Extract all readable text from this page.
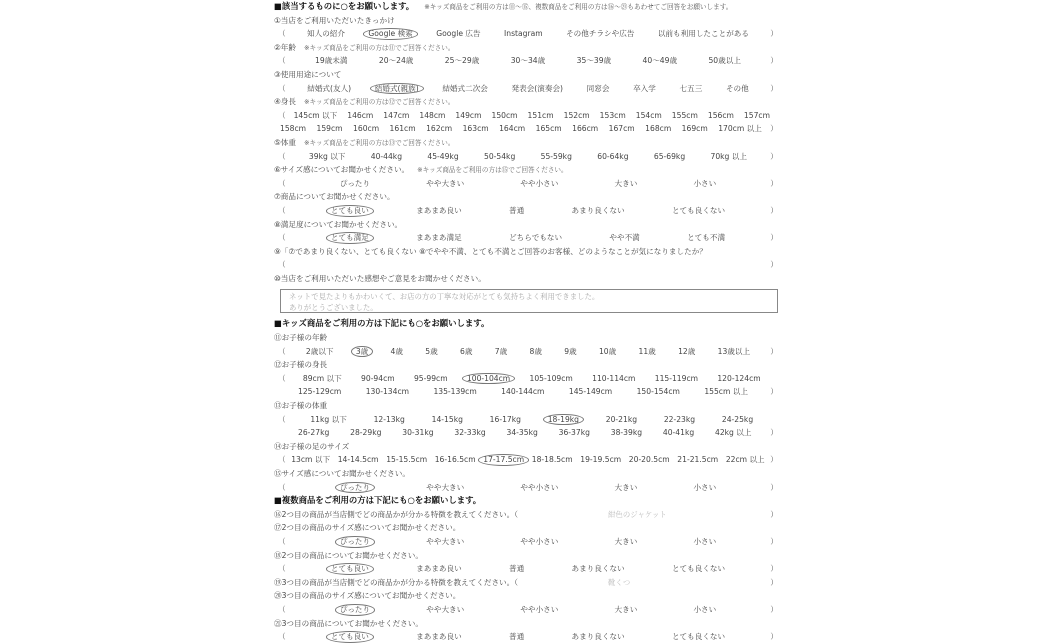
■該当するものに○をお願いします。 ※キッズ商品をご利用の方は⑪～⑮、複数商品をご利用の方は⑯～㉑もあわせてご回答をお願いします。
①当店をご利用いただいたきっかけ
（	知人の紹介	Google 検索	Google 広告	Instagram	その他チラシや広告	以前も利用したことがある	）
②年齢 ※キッズ商品をご利用の方は⑪でご回答ください。
（	19歳未満	20～24歳	25～29歳	30～34歳	35～39歳	40～49歳	50歳以上	）
③使用用途について
（	結婚式(友人)	結婚式(親族)	結婚式二次会	発表会(演奏会)	同窓会	卒入学	七五三	その他	）
④身長 ※キッズ商品をご利用の方は⑫でご回答ください。
（ 145cm 以下 146cm 147cm 148cm 149cm 150cm 151cm 152cm 153cm 154cm 155cm 156cm 157cm
158cm 159cm 160cm 161cm 162cm 163cm 164cm 165cm 166cm 167cm 168cm 169cm 170cm 以上 ）
⑤体重 ※キッズ商品をご利用の方は⑬でご回答ください。
（	39kg 以下	40-44kg	45-49kg	50-54kg	55-59kg	60-64kg	65-69kg	70kg 以上	）
⑥サイズ感についてお聞かせください。 ※キッズ商品をご利用の方は⑮でご回答ください。
（	ぴったり	やや大きい	やや小さい	大きい	小さい	）
⑦商品についてお聞かせください。
（	とても良い	まあまあ良い	普通	あまり良くない	とても良くない	）
⑧満足度についてお聞かせください。
（	とても満足	まあまあ満足	どちらでもない	やや不満	とても不満	）
⑨「⑦であまり良くない、とても良くない ⑧でやや不満、とても不満とご回答のお客様、どのようなことが気になりましたか？
（	）
⑩当店をご利用いただいた感想やご意見をお聞かせください。
ネットで見たよりもかわいくて、お店の方の丁寧な対応がとても気持ちよく利用できました。
ありがとうございました。
■キッズ商品をご利用の方は下記にも○をお願いします。
⑪お子様の年齢
（	2歳以下	3歳	4歳	5歳	6歳	7歳	8歳	9歳	10歳	11歳	12歳	13歳以上	）
⑫お子様の身長
（ 89cm 以下	90-94cm	95-99cm	100-104cm	105-109cm	110-114cm	115-119cm	120-124cm
125-129cm	130-134cm	135-139cm	140-144cm	145-149cm	150-154cm	155cm 以上	）
⑬お子様の体重
（	11kg 以下	12-13kg	14-15kg	16-17kg	18-19kg	20-21kg	22-23kg	24-25kg
26-27kg	28-29kg	30-31kg	32-33kg	34-35kg	36-37kg	38-39kg	40-41kg	42kg 以上 ）
⑭お子様の足のサイズ
（ 13cm 以下 14-14.5cm 15-15.5cm 16-16.5cm 17-17.5cm 18-18.5cm 19-19.5cm 20-20.5cm 21-21.5cm 22cm 以上 ）
⑮サイズ感についてお聞かせください。
（	ぴったり	やや大きい	やや小さい	大きい	小さい	）
■複数商品をご利用の方は下記にも○をお願いします。
⑯2つ目の商品が当店側でどの商品かが分かる特徴を教えてください。（	紺色のジャケット	）
⑰2つ目の商品のサイズ感についてお聞かせください。
（	ぴったり	やや大きい	やや小さい	大きい	小さい	）
⑱2つ目の商品についてお聞かせください。
（	とても良い	まあまあ良い	普通	あまり良くない	とても良くない	）
⑲3つ目の商品が当店側でどの商品かが分かる特徴を教えてください。（	靴くつ	）
⑳3つ目の商品のサイズ感についてお聞かせください。
（	ぴったり	やや大きい	やや小さい	大きい	小さい	）
㉑3つ目の商品についてお聞かせください。
（	とても良い	まあまあ良い	普通	あまり良くない	とても良くない	）
